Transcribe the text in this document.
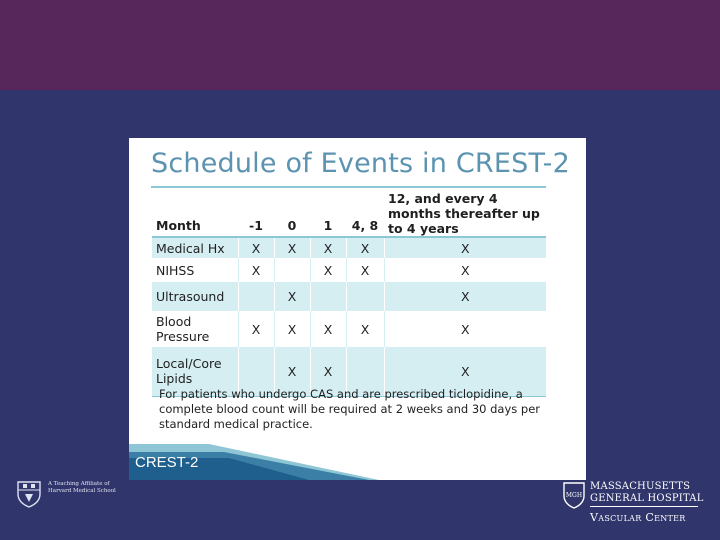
Schedule of Events in CREST-2
Month	-1	0	1	4, 8	12, and every 4 months thereafter up to 4 years
Medical Hx	X	X	X	X	X
NIHSS	X		X	X	X
Ultrasound		X			X
Blood Pressure	X	X	X	X	X
Local/Core Lipids		X	X		X
For patients who undergo CAS and are prescribed ticlopidine, a complete blood count will be required at 2 weeks and 30 days per standard medical practice.
CREST-2
A Teaching Affiliate of Harvard Medical School
MGH
MASSACHUSETTS
GENERAL HOSPITAL
Vascular Center
